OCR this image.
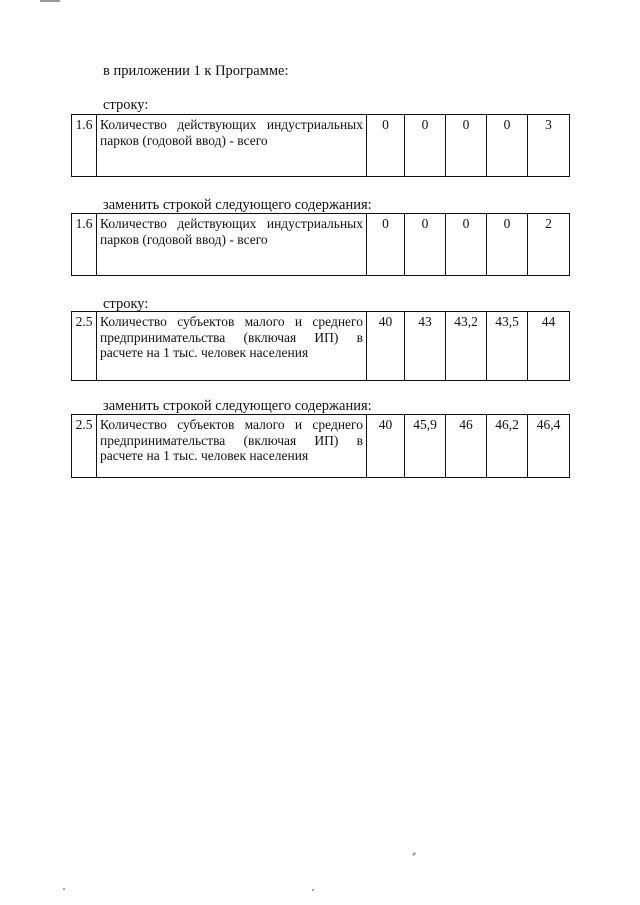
в приложении 1 к Программе:
строку:
1.6	Количество действующих индустриальных парков (годовой ввод) - всего	0	0	0	0	3
заменить строкой следующего содержания:
1.6	Количество действующих индустриальных парков (годовой ввод) - всего	0	0	0	0	2
строку:
2.5	Количество субъектов малого и среднего предпринимательства (включая ИП) в расчете на 1 тыс. человек населения	40	43	43,2	43,5	44
заменить строкой следующего содержания:
2.5	Количество субъектов малого и среднего предпринимательства (включая ИП) в расчете на 1 тыс. человек населения	40	45,9	46	46,2	46,4
